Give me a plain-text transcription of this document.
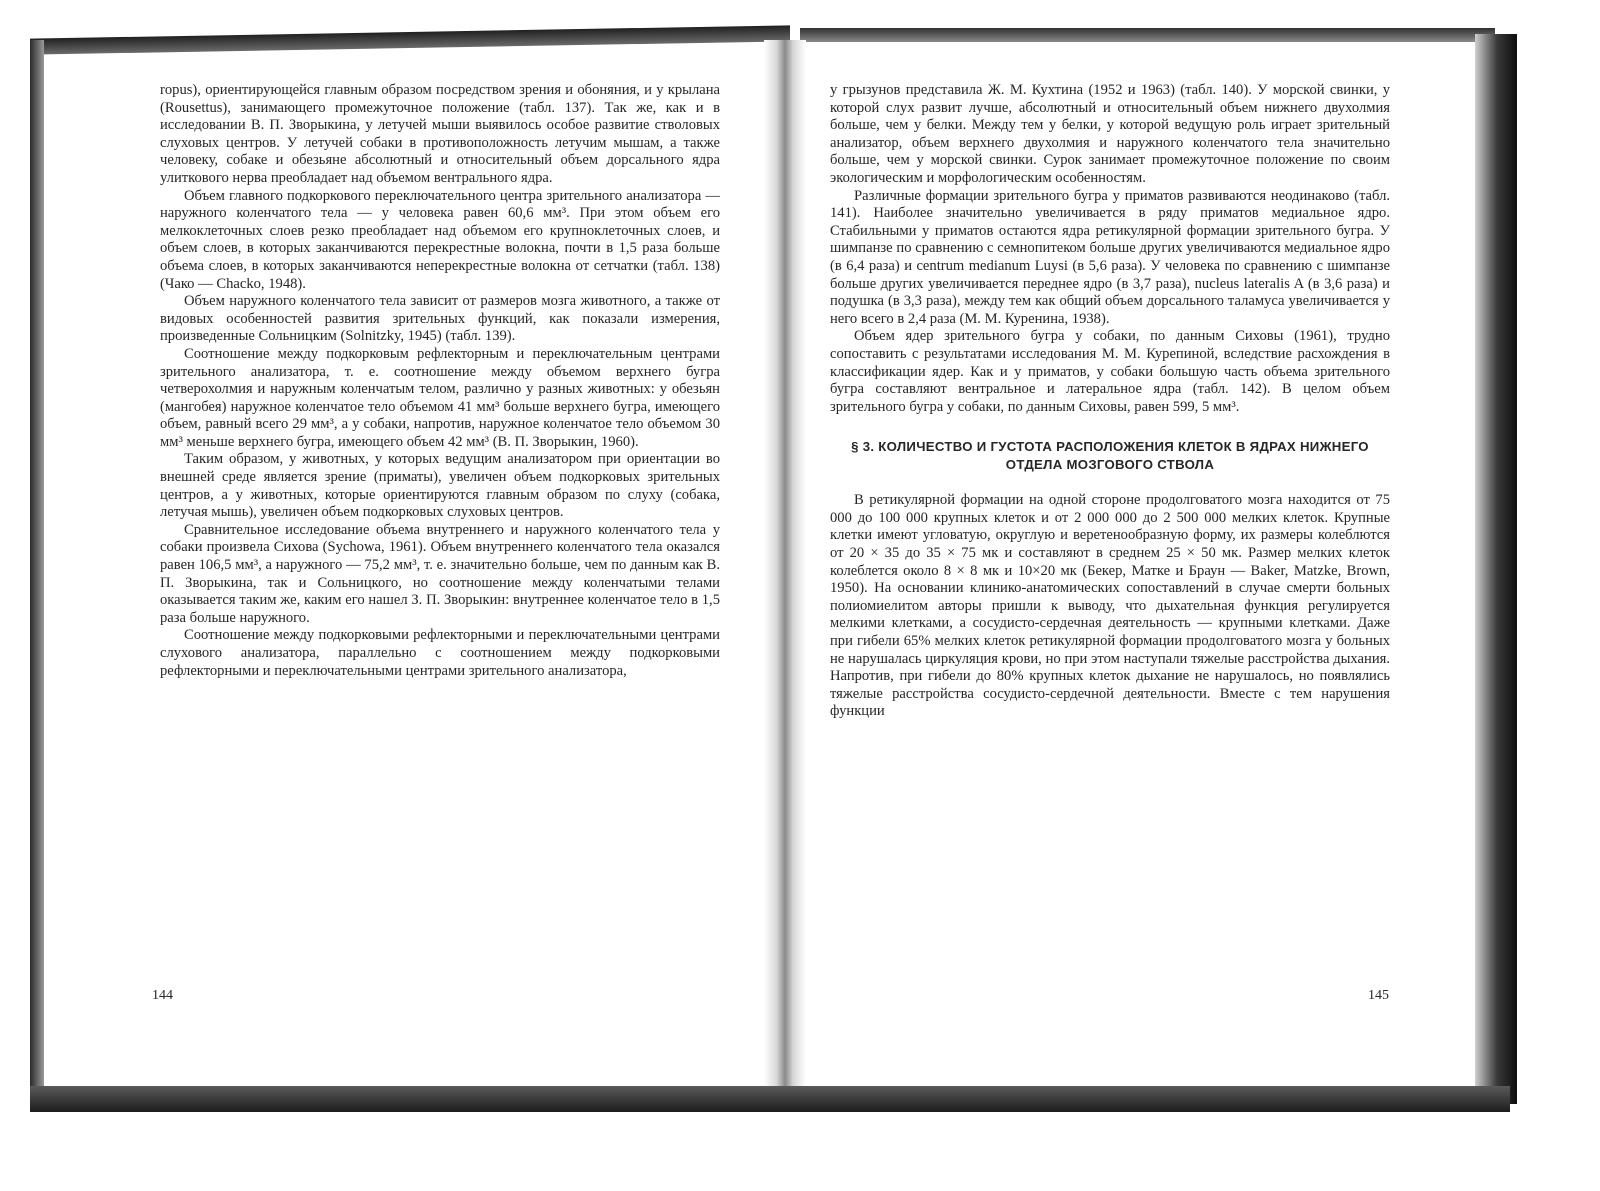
ropus), ориентирующейся главным образом посредством зрения и обоняния, и у крылана (Rousettus), занимающего промежуточное положение (табл. 137). Так же, как и в исследовании В. П. Зворыкина, у летучей мыши выявилось особое развитие стволовых слуховых центров. У летучей собаки в противоположность летучим мышам, а также человеку, собаке и обезьяне абсолютный и относительный объем дорсального ядра улиткового нерва преобладает над объемом вентрального ядра.

Объем главного подкоркового переключательного центра зрительного анализатора — наружного коленчатого тела — у человека равен 60,6 мм³. При этом объем его мелкоклеточных слоев резко преобладает над объемом его крупноклеточных слоев, и объем слоев, в которых заканчиваются перекрестные волокна, почти в 1,5 раза больше объема слоев, в которых заканчиваются неперекрестные волокна от сетчатки (табл. 138) (Чако — Chacko, 1948).

Объем наружного коленчатого тела зависит от размеров мозга животного, а также от видовых особенностей развития зрительных функций, как показали измерения, произведенные Сольницким (Solnitzky, 1945) (табл. 139).

Соотношение между подкорковым рефлекторным и переключательным центрами зрительного анализатора, т. е. соотношение между объемом верхнего бугра четверохолмия и наружным коленчатым телом, различно у разных животных: у обезьян (мангобея) наружное коленчатое тело объемом 41 мм³ больше верхнего бугра, имеющего объем, равный всего 29 мм³, а у собаки, напротив, наружное коленчатое тело объемом 30 мм³ меньше верхнего бугра, имеющего объем 42 мм³ (В. П. Зворыкин, 1960).

Таким образом, у животных, у которых ведущим анализатором при ориентации во внешней среде является зрение (приматы), увеличен объем подкорковых зрительных центров, а у животных, которые ориентируются главным образом по слуху (собака, летучая мышь), увеличен объем подкорковых слуховых центров.

Сравнительное исследование объема внутреннего и наружного коленчатого тела у собаки произвела Сихова (Sychowa, 1961). Объем внутреннего коленчатого тела оказался равен 106,5 мм³, а наружного — 75,2 мм³, т. е. значительно больше, чем по данным как В. П. Зворыкина, так и Сольницкого, но соотношение между коленчатыми телами оказывается таким же, каким его нашел З. П. Зворыкин: внутреннее коленчатое тело в 1,5 раза больше наружного.

Соотношение между подкорковыми рефлекторными и переключательными центрами слухового анализатора, параллельно с соотношением между подкорковыми рефлекторными и переключательными центрами зрительного анализатора,

144

у грызунов представила Ж. М. Кухтина (1952 и 1963) (табл. 140). У морской свинки, у которой слух развит лучше, абсолютный и относительный объем нижнего двухолмия больше, чем у белки. Между тем у белки, у которой ведущую роль играет зрительный анализатор, объем верхнего двухолмия и наружного коленчатого тела значительно больше, чем у морской свинки. Сурок занимает промежуточное положение по своим экологическим и морфологическим особенностям.

Различные формации зрительного бугра у приматов развиваются неодинаково (табл. 141). Наиболее значительно увеличивается в ряду приматов медиальное ядро. Стабильными у приматов остаются ядра ретикулярной формации зрительного бугра. У шимпанзе по сравнению с семнопитеком больше других увеличиваются медиальное ядро (в 6,4 раза) и centrum medianum Luysi (в 5,6 раза). У человека по сравнению с шимпанзе больше других увеличивается переднее ядро (в 3,7 раза), nucleus lateralis A (в 3,6 раза) и подушка (в 3,3 раза), между тем как общий объем дорсального таламуса увеличивается у него всего в 2,4 раза (М. М. Куренина, 1938).

Объем ядер зрительного бугра у собаки, по данным Сиховы (1961), трудно сопоставить с результатами исследования М. М. Курепиной, вследствие расхождения в классификации ядер. Как и у приматов, у собаки большую часть объема зрительного бугра составляют вентральное и латеральное ядра (табл. 142). В целом объем зрительного бугра у собаки, по данным Сиховы, равен 599, 5 мм³.

§ 3. КОЛИЧЕСТВО И ГУСТОТА РАСПОЛОЖЕНИЯ КЛЕТОК В ЯДРАХ НИЖНЕГО ОТДЕЛА МОЗГОВОГО СТВОЛА

В ретикулярной формации на одной стороне продолговатого мозга находится от 75 000 до 100 000 крупных клеток и от 2 000 000 до 2 500 000 мелких клеток. Крупные клетки имеют угловатую, округлую и веретенообразную форму, их размеры колеблются от 20 × 35 до 35 × 75 мк и составляют в среднем 25 × 50 мк. Размер мелких клеток колеблется около 8 × 8 мк и 10×20 мк (Бекер, Матке и Браун — Baker, Matzke, Brown, 1950). На основании клинико-анатомических сопоставлений в случае смерти больных полиомиелитом авторы пришли к выводу, что дыхательная функция регулируется мелкими клетками, а сосудисто-сердечная деятельность — крупными клетками. Даже при гибели 65% мелких клеток ретикулярной формации продолговатого мозга у больных не нарушалась циркуляция крови, но при этом наступали тяжелые расстройства дыхания. Напротив, при гибели до 80% крупных клеток дыхание не нарушалось, но появлялись тяжелые расстройства сосудисто-сердечной деятельности. Вместе с тем нарушения функции

145
